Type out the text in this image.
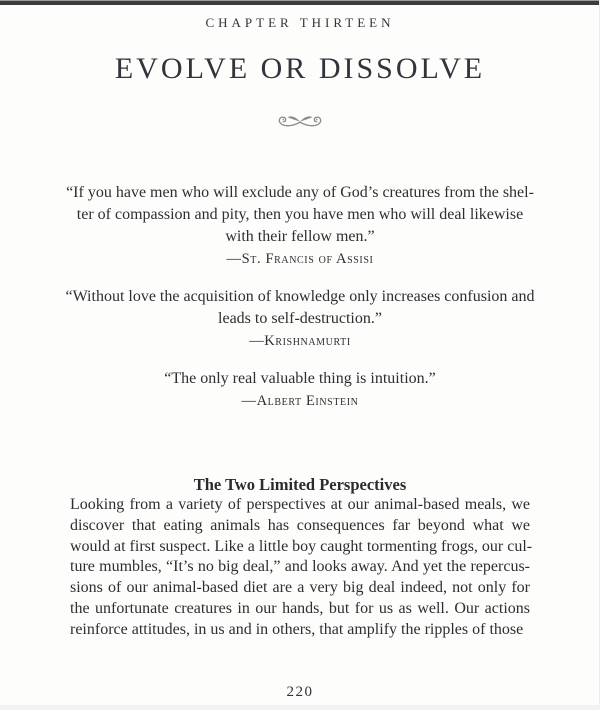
CHAPTER THIRTEEN
EVOLVE OR DISSOLVE
“If you have men who will exclude any of God’s creatures from the shel-
ter of compassion and pity, then you have men who will deal likewise
with their fellow men.”
—St. Francis of Assisi
“Without love the acquisition of knowledge only increases confusion and
leads to self-destruction.”
—Krishnamurti
“The only real valuable thing is intuition.”
—Albert Einstein
The Two Limited Perspectives
Looking from a variety of perspectives at our animal-based meals, we
discover that eating animals has consequences far beyond what we
would at first suspect. Like a little boy caught tormenting frogs, our cul-
ture mumbles, “It’s no big deal,” and looks away. And yet the repercus-
sions of our animal-based diet are a very big deal indeed, not only for
the unfortunate creatures in our hands, but for us as well. Our actions
reinforce attitudes, in us and in others, that amplify the ripples of those
220
